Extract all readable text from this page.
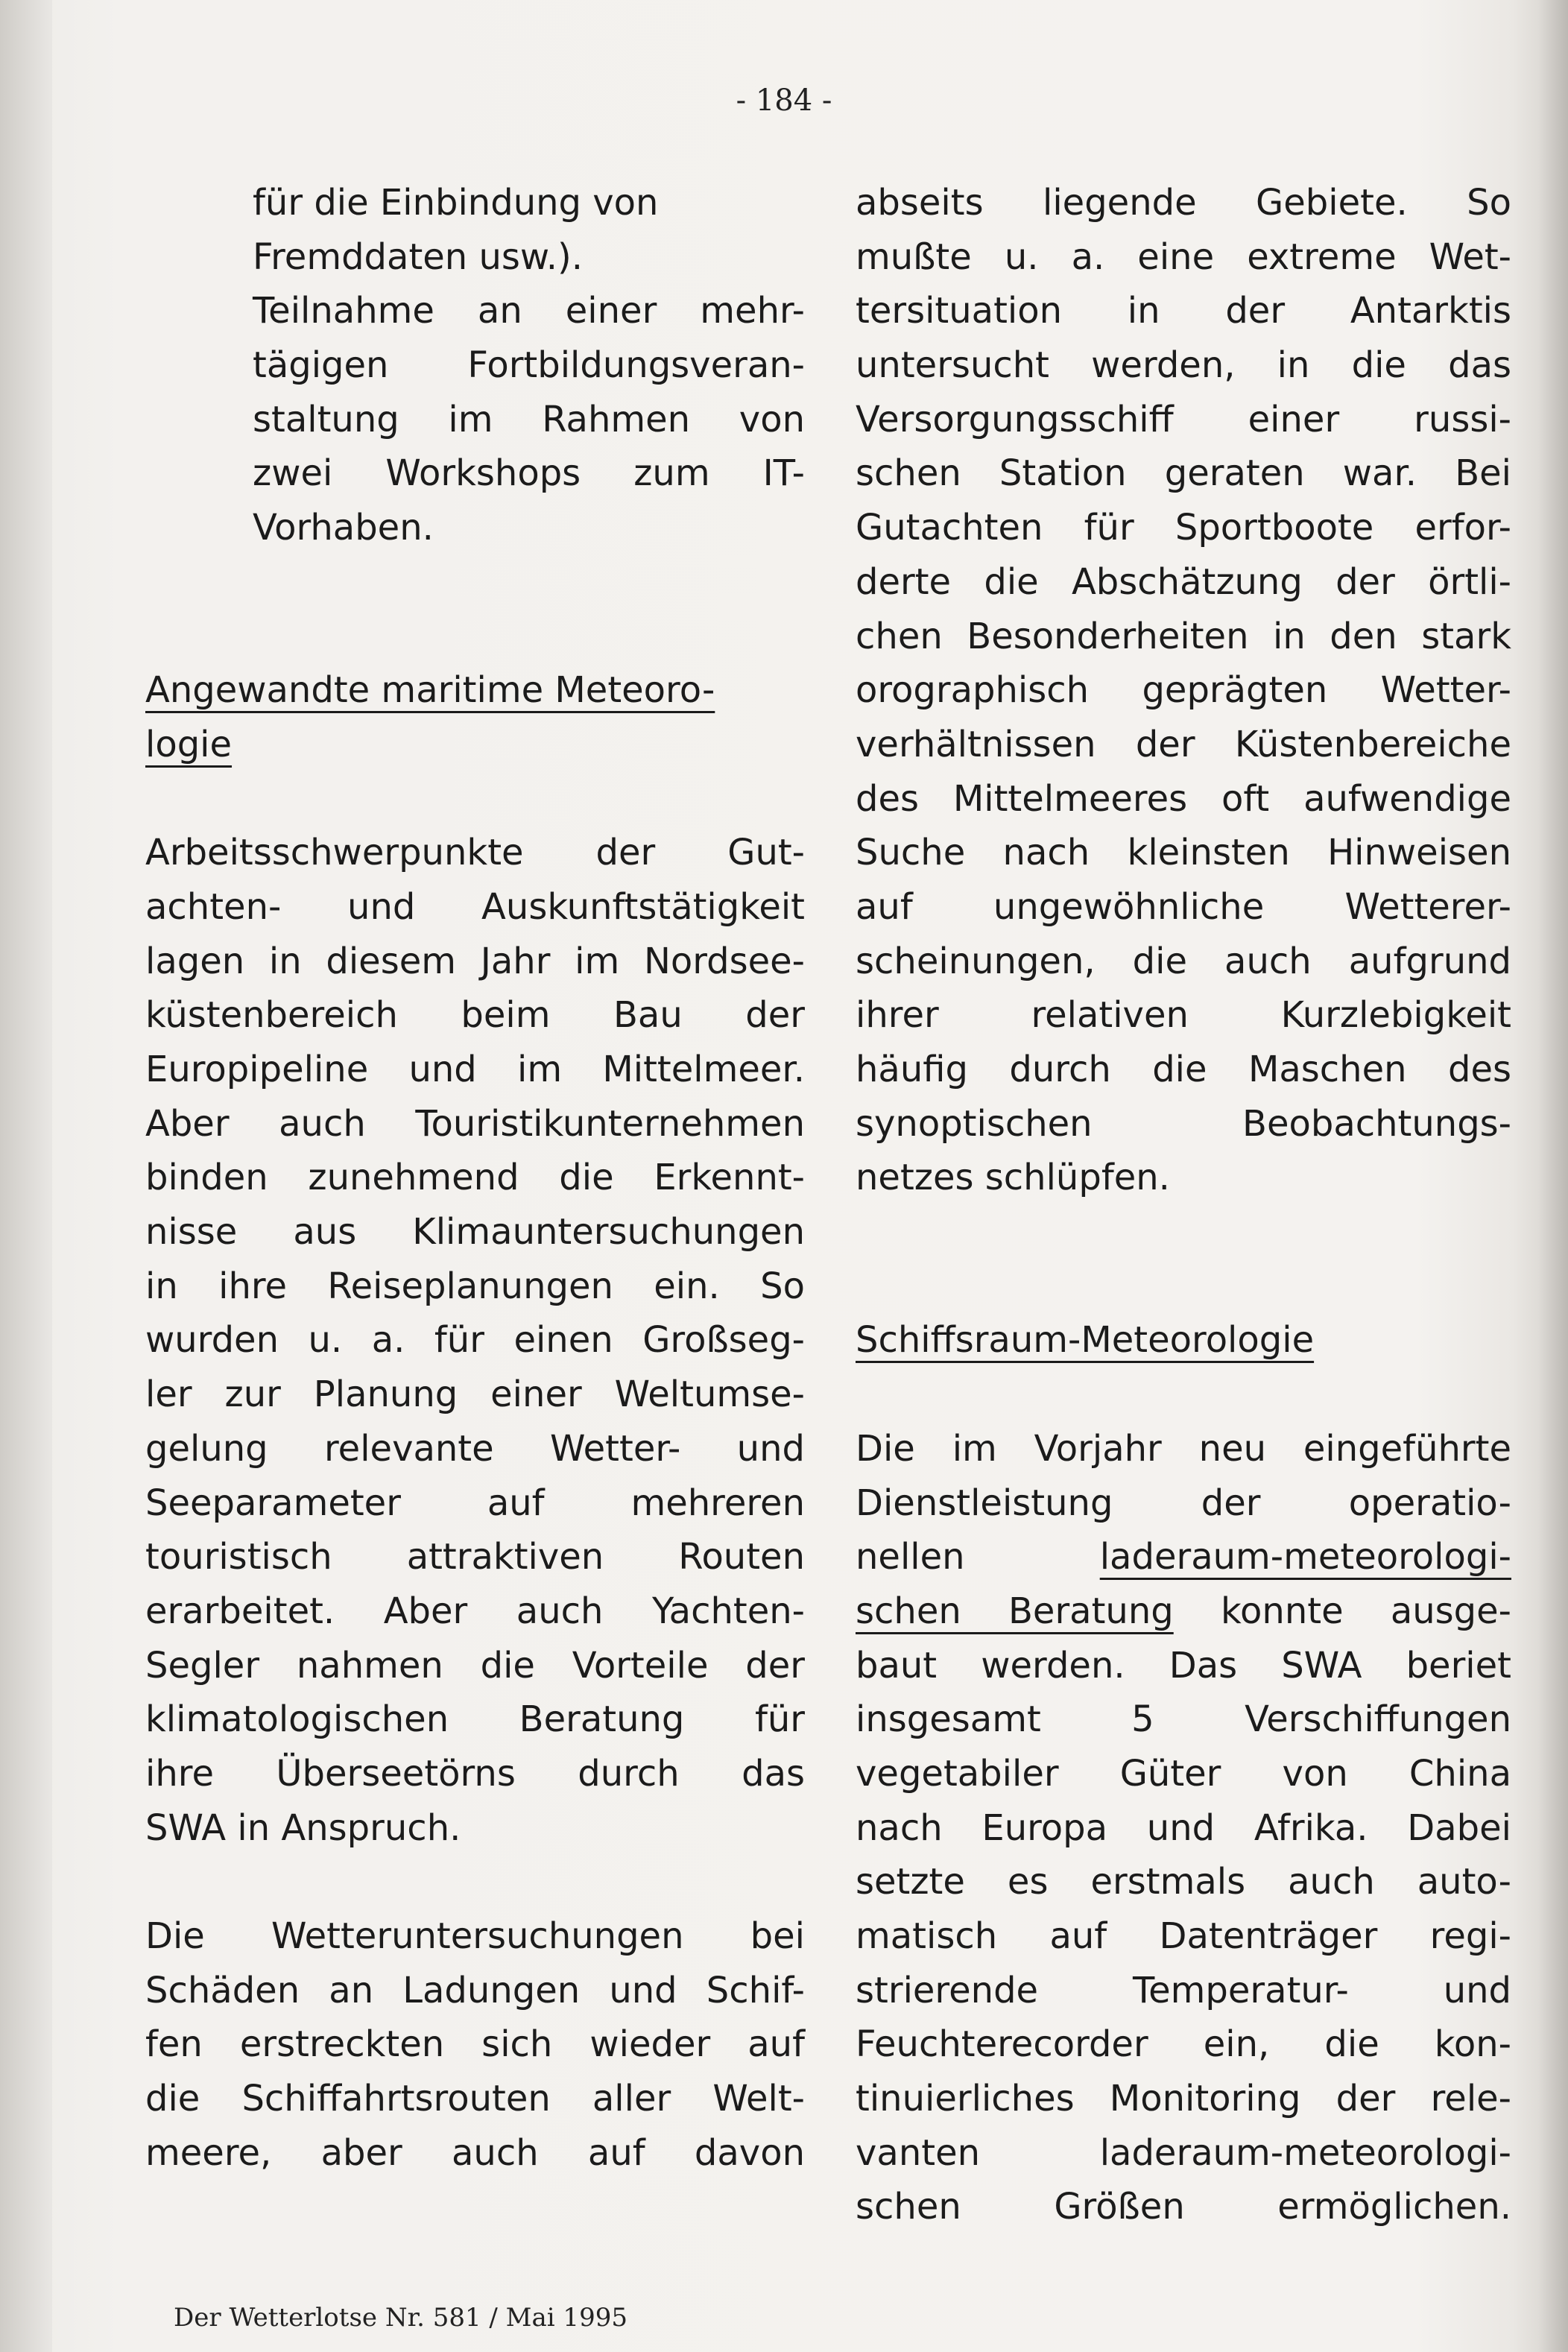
- 184 -
für die Einbindung von
Fremddaten usw.).
Teilnahme an einer mehr-
tägigen Fortbildungsveran-
staltung im Rahmen von
zwei Workshops zum IT-
Vorhaben.
Angewandte maritime Meteoro-
logie
Arbeitsschwerpunkte der Gut-
achten- und Auskunftstätigkeit
lagen in diesem Jahr im Nordsee-
küstenbereich beim Bau der
Europipeline und im Mittelmeer.
Aber auch Touristikunternehmen
binden zunehmend die Erkennt-
nisse aus Klimauntersuchungen
in ihre Reiseplanungen ein. So
wurden u. a. für einen Großseg-
ler zur Planung einer Weltumse-
gelung relevante Wetter- und
Seeparameter auf mehreren
touristisch attraktiven Routen
erarbeitet. Aber auch Yachten-
Segler nahmen die Vorteile der
klimatologischen Beratung für
ihre Überseetörns durch das
SWA in Anspruch.
Die Wetteruntersuchungen bei
Schäden an Ladungen und Schif-
fen erstreckten sich wieder auf
die Schiffahrtsrouten aller Welt-
meere, aber auch auf davon
abseits liegende Gebiete. So
mußte u. a. eine extreme Wet-
tersituation in der Antarktis
untersucht werden, in die das
Versorgungsschiff einer russi-
schen Station geraten war. Bei
Gutachten für Sportboote erfor-
derte die Abschätzung der örtli-
chen Besonderheiten in den stark
orographisch geprägten Wetter-
verhältnissen der Küstenbereiche
des Mittelmeeres oft aufwendige
Suche nach kleinsten Hinweisen
auf ungewöhnliche Wetterer-
scheinungen, die auch aufgrund
ihrer relativen Kurzlebigkeit
häufig durch die Maschen des
synoptischen Beobachtungs-
netzes schlüpfen.
Schiffsraum-Meteorologie
Die im Vorjahr neu eingeführte
Dienstleistung der operatio-
nellen	laderaum-meteorologi-
schen Beratung konnte ausge-
baut werden. Das SWA beriet
insgesamt 5 Verschiffungen
vegetabiler Güter von China
nach Europa und Afrika. Dabei
setzte es erstmals auch auto-
matisch auf Datenträger regi-
strierende Temperatur- und
Feuchterecorder ein, die kon-
tinuierliches Monitoring der rele-
vanten laderaum-meteorologi-
schen Größen ermöglichen.
Der Wetterlotse Nr. 581 / Mai 1995
